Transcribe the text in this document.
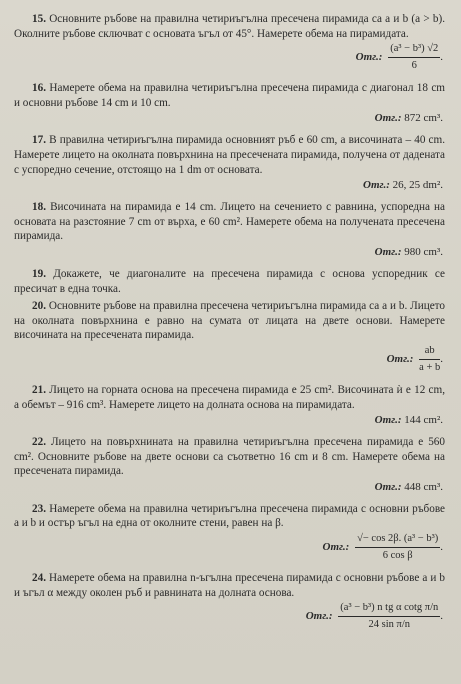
15. Основните ръбове на правилна четириъгълна пресечена пирамида са a и b (a > b). Околните ръбове сключват с основата ъгъл от 45°. Намерете обема на пирамидата.

Отг.: $\frac{\text{(a³ − b³) √2}}{6}$ .

16. Намерете обема на правилна четириъгълна пресечена пирамида с диагонал 18 cm и основни ръбове 14 cm и 10 cm.

Отг.: 872 cm³.

17. В правилна четириъгълна пирамида основният ръб е 60 cm, а височината – 40 cm. Намерете лицето на околната повърхнина на пресечената пирамида, получена от дадената с успоредно сечение, отстоящо на 1 dm от основата.

Отг.: 26, 25 dm².

18. Височината на пирамида е 14 cm. Лицето на сечението с равнина, успоредна на основата на разстояние 7 cm от върха, е 60 cm². Намерете обема на получената пресечена пирамида.

Отг.: 980 cm³.

19. Докажете, че диагоналите на пресечена пирамида с основа успоредник се пресичат в една точка.

20. Основните ръбове на правилна пресечена четириъгълна пирамида са a и b. Лицето на околната повърхнина е равно на сумата от лицата на двете основи. Намерете височината на пресечената пирамида.

Отг.: $\frac{ab}{a + b}$ .

21. Лицето на горната основа на пресечена пирамида е 25 cm². Височината ѝ е 12 cm, а обемът – 916 cm³. Намерете лицето на долната основа на пирамидата.

Отг.: 144 cm².

22. Лицето на повърхнината на правилна четириъгълна пресечена пирамида е 560 cm². Основните ръбове на двете основи са съответно 16 cm и 8 cm. Намерете обема на пресечената пирамида.

Отг.: 448 cm³.

23. Намерете обема на правилна четириъгълна пресечена пирамида с основни ръбове a и b и остър ъгъл на една от околните стени, равен на β.

Отг.: $\frac{\text{√− cos 2β. (a³ − b³)}}{\text{6 cos β}}$ .

24. Намерете обема на правилна n-ъгълна пресечена пирамида с основни ръбове a и b и ъгъл α между околен ръб и равнината на долната основа.

Отг.: $\frac{\text{(a³ − b³) n tg α cotg π/n}}{\text{24 sin π/n}}$ .
